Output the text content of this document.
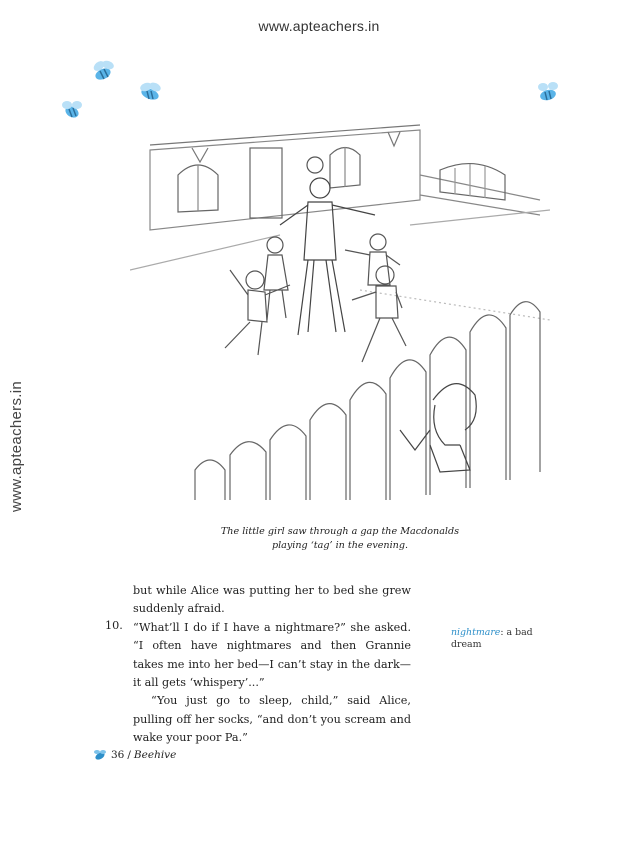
www.apteachers.in
www.apteachers.in
The little girl saw through a gap the Macdonalds
playing ‘tag’ in the evening.
10.

but while Alice was putting her to bed she grew suddenly afraid.

“What’ll I do if I have a nightmare?” she asked. “I often have nightmares and then Grannie takes me into her bed—I can’t stay in the dark—it all gets ‘whispery’...”

“You just go to sleep, child,” said Alice, pulling off her socks, “and don’t you scream and wake your poor Pa.”

nightmare: a bad dream
36 / Beehive
